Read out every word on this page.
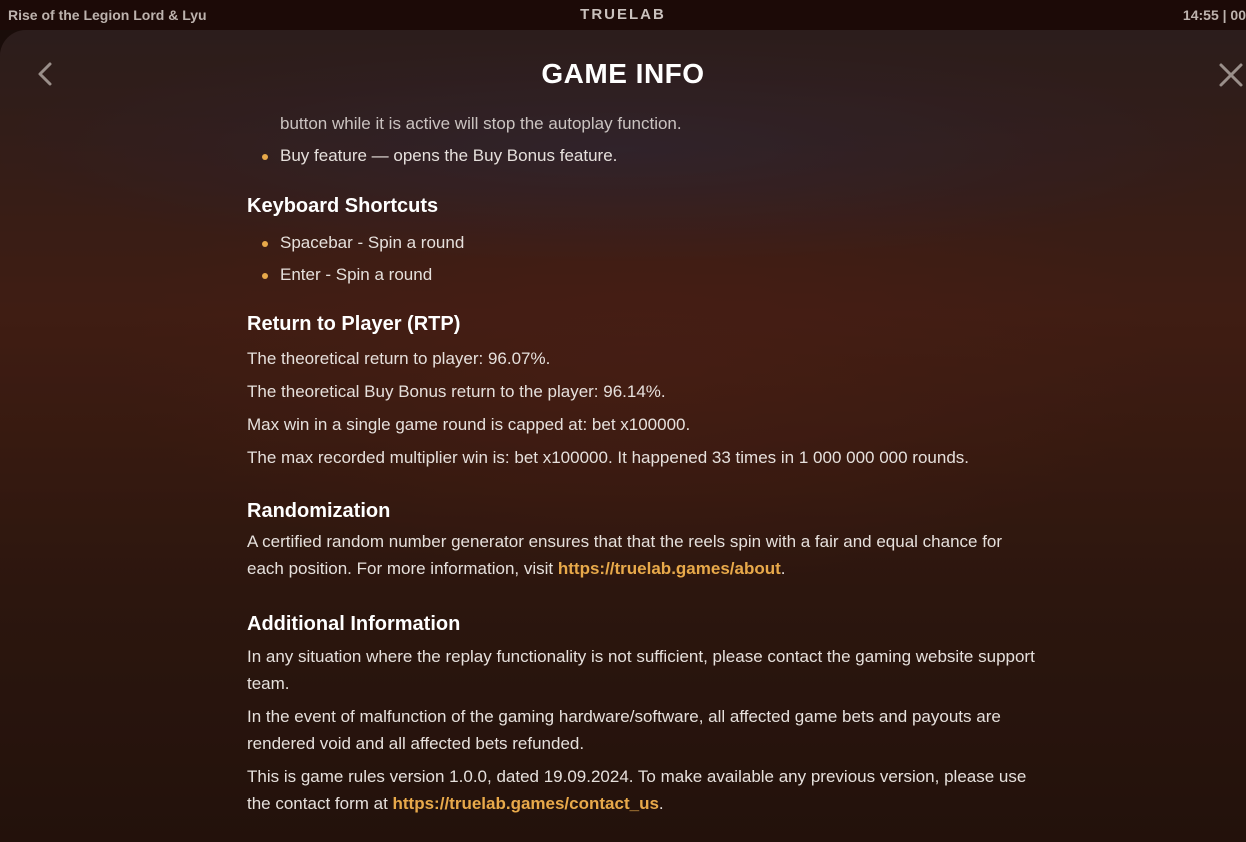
Rise of the Legion Lord & Lyu	TRUELAB	14:55 | 00
GAME INFO
button while it is active will stop the autoplay function.
Buy feature — opens the Buy Bonus feature.
Keyboard Shortcuts
Spacebar - Spin a round
Enter - Spin a round
Return to Player (RTP)

The theoretical return to player: 96.07%.

The theoretical Buy Bonus return to the player: 96.14%.

Max win in a single game round is capped at: bet x100000.

The max recorded multiplier win is: bet x100000. It happened 33 times in 1 000 000 000 rounds.

Randomization

A certified random number generator ensures that that the reels spin with a fair and equal chance for each position. For more information, visit https://truelab.games/about.

Additional Information

In any situation where the replay functionality is not sufficient, please contact the gaming website support team.

In the event of malfunction of the gaming hardware/software, all affected game bets and payouts are rendered void and all affected bets refunded.

This is game rules version 1.0.0, dated 19.09.2024. To make available any previous version, please use the contact form at https://truelab.games/contact_us.
